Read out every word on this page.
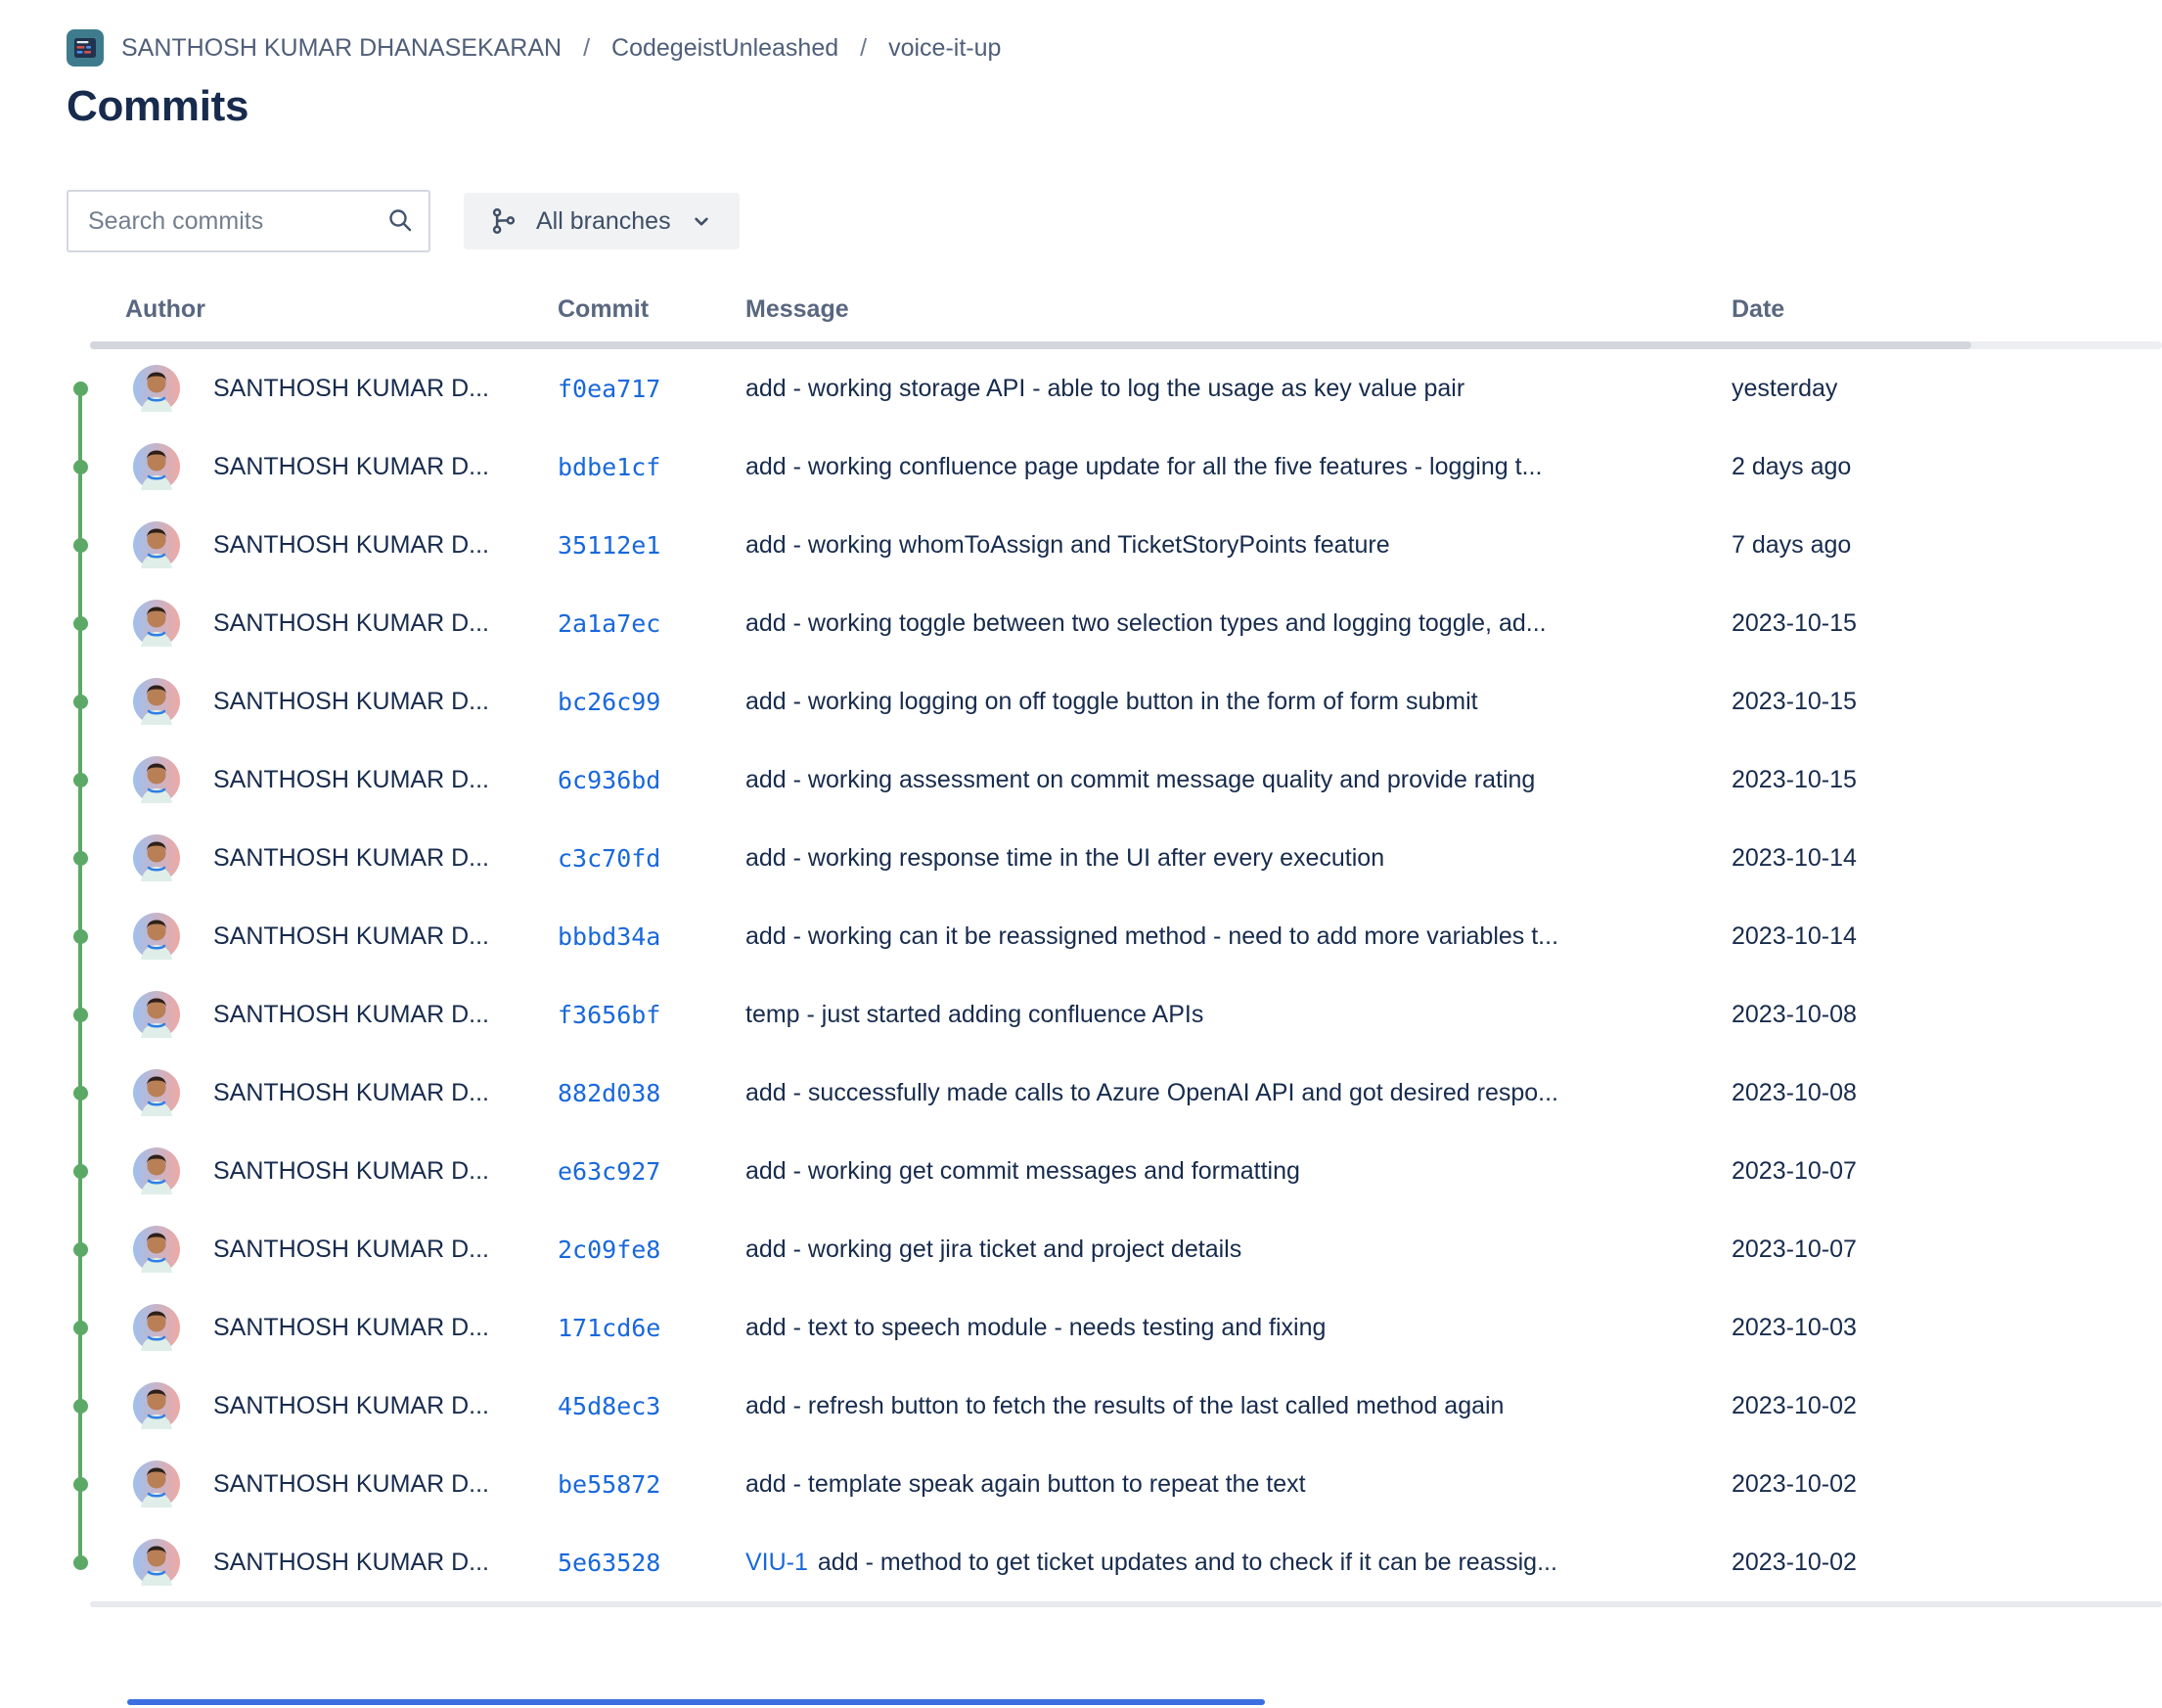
SANTHOSH KUMAR DHANASEKARAN / CodegeistUnleashed / voice-it-up
Commits
Search commits
All branches
Author	Commit	Message	Date
SANTHOSH KUMAR D...	f0ea717	add - working storage API - able to log the usage as key value pair	yesterday
SANTHOSH KUMAR D...	bdbe1cf	add - working confluence page update for all the five features - logging t...	2 days ago
SANTHOSH KUMAR D...	35112e1	add - working whomToAssign and TicketStoryPoints feature	7 days ago
SANTHOSH KUMAR D...	2a1a7ec	add - working toggle between two selection types and logging toggle, ad...	2023-10-15
SANTHOSH KUMAR D...	bc26c99	add - working logging on off toggle button in the form of form submit	2023-10-15
SANTHOSH KUMAR D...	6c936bd	add - working assessment on commit message quality and provide rating	2023-10-15
SANTHOSH KUMAR D...	c3c70fd	add - working response time in the UI after every execution	2023-10-14
SANTHOSH KUMAR D...	bbbd34a	add - working can it be reassigned method - need to add more variables t...	2023-10-14
SANTHOSH KUMAR D...	f3656bf	temp - just started adding confluence APIs	2023-10-08
SANTHOSH KUMAR D...	882d038	add - successfully made calls to Azure OpenAI API and got desired respo...	2023-10-08
SANTHOSH KUMAR D...	e63c927	add - working get commit messages and formatting	2023-10-07
SANTHOSH KUMAR D...	2c09fe8	add - working get jira ticket and project details	2023-10-07
SANTHOSH KUMAR D...	171cd6e	add - text to speech module - needs testing and fixing	2023-10-03
SANTHOSH KUMAR D...	45d8ec3	add - refresh button to fetch the results of the last called method again	2023-10-02
SANTHOSH KUMAR D...	be55872	add - template speak again button to repeat the text	2023-10-02
SANTHOSH KUMAR D...	5e63528	VIU-1 add - method to get ticket updates and to check if it can be reassig...	2023-10-02
